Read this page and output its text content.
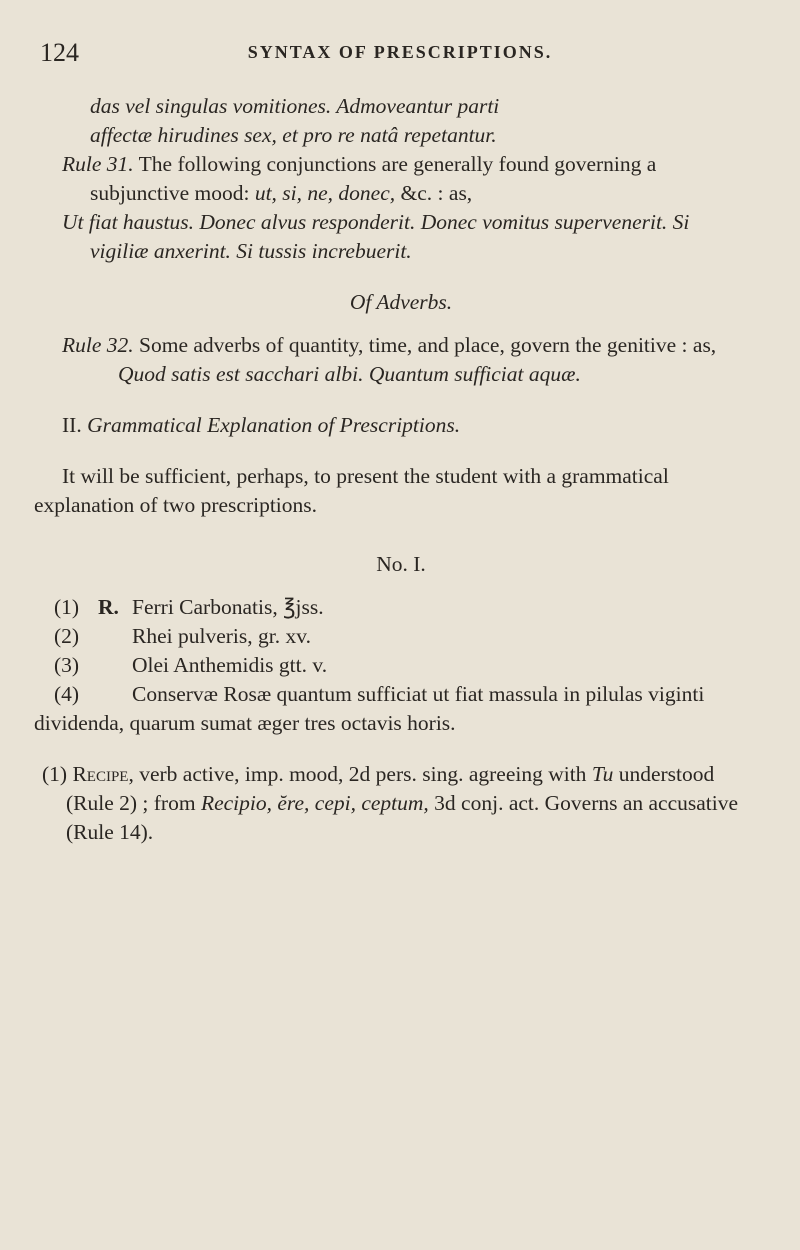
124	SYNTAX OF PRESCRIPTIONS.

das vel singulas vomitiones. Admoveantur parti

affectæ hirudines sex, et pro re natâ repetantur.

Rule 31. The following conjunctions are generally found governing a subjunctive mood: ut, si, ne, donec, &c. : as,

Ut fiat haustus. Donec alvus responderit. Donec vomitus supervenerit. Si vigiliæ anxerint. Si tussis increbuerit.

Of Adverbs.

Rule 32. Some adverbs of quantity, time, and place, govern the genitive : as,

Quod satis est sacchari albi. Quantum sufficiat aquæ.

II. Grammatical Explanation of Prescriptions.

It will be sufficient, perhaps, to present the student with a grammatical explanation of two prescriptions.

No. I.

(1) R. Ferri Carbonatis, ℥jss.
(2)	Rhei pulveris, gr. xv.
(3)	Olei Anthemidis gtt. v.

(4) Conservæ Rosæ quantum sufficiat ut fiat massula in pilulas viginti dividenda, quarum sumat æger tres octavis horis.

(1) Recipe, verb active, imp. mood, 2d pers. sing. agreeing with Tu understood (Rule 2) ; from Recipio, ĕre, cepi, ceptum, 3d conj. act. Governs an accusative (Rule 14).
